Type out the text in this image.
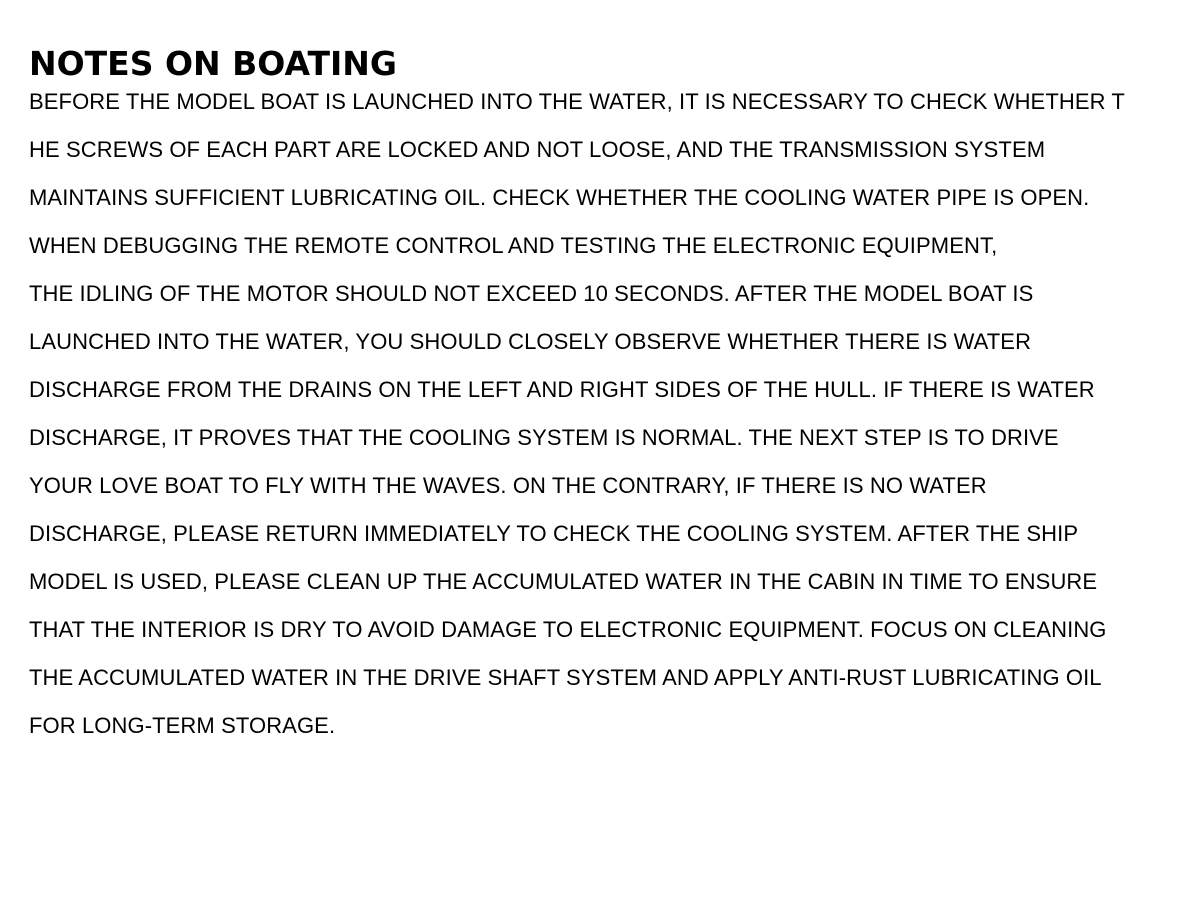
NOTES ON BOATING
BEFORE THE MODEL BOAT IS LAUNCHED INTO THE WATER, IT IS NECESSARY TO CHECK WHETHER T
HE SCREWS OF EACH PART ARE LOCKED AND NOT LOOSE, AND THE TRANSMISSION SYSTEM
MAINTAINS SUFFICIENT LUBRICATING OIL. CHECK WHETHER THE COOLING WATER PIPE IS OPEN.
WHEN DEBUGGING THE REMOTE CONTROL AND TESTING THE ELECTRONIC EQUIPMENT,
THE IDLING OF THE MOTOR SHOULD NOT EXCEED 10 SECONDS. AFTER THE MODEL BOAT IS
LAUNCHED INTO THE WATER, YOU SHOULD CLOSELY OBSERVE WHETHER THERE IS WATER
DISCHARGE FROM THE DRAINS ON THE LEFT AND RIGHT SIDES OF THE HULL. IF THERE IS WATER
DISCHARGE, IT PROVES THAT THE COOLING SYSTEM IS NORMAL. THE NEXT STEP IS TO DRIVE
YOUR LOVE BOAT TO FLY WITH THE WAVES. ON THE CONTRARY, IF THERE IS NO WATER
DISCHARGE, PLEASE RETURN IMMEDIATELY TO CHECK THE COOLING SYSTEM. AFTER THE SHIP
MODEL IS USED, PLEASE CLEAN UP THE ACCUMULATED WATER IN THE CABIN IN TIME TO ENSURE
THAT THE INTERIOR IS DRY TO AVOID DAMAGE TO ELECTRONIC EQUIPMENT. FOCUS ON CLEANING
THE ACCUMULATED WATER IN THE DRIVE SHAFT SYSTEM AND APPLY ANTI-RUST LUBRICATING OIL
FOR LONG-TERM STORAGE.
